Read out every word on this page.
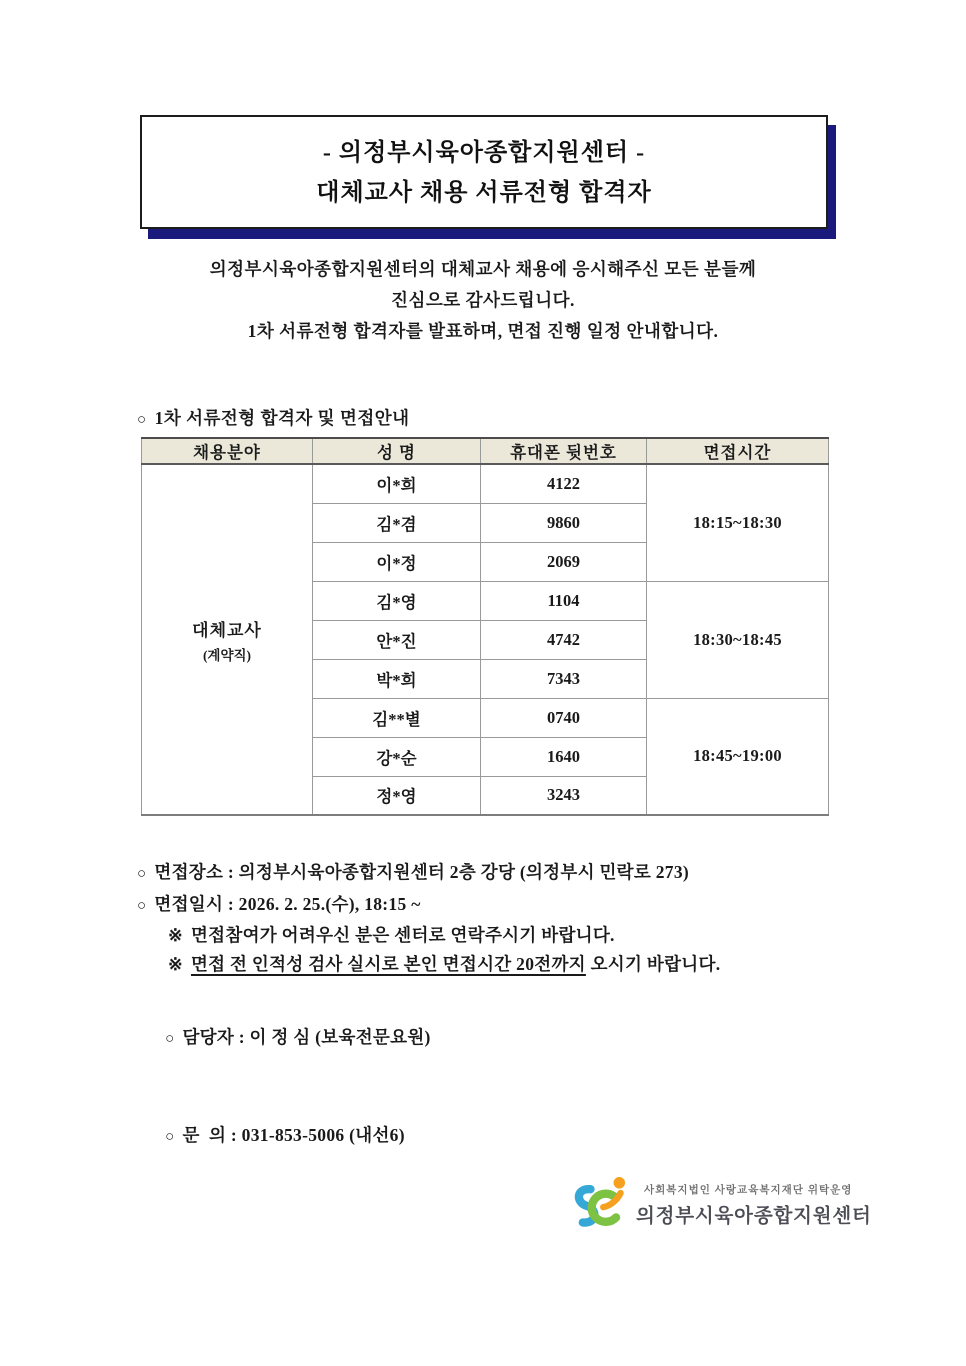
- 의정부시육아종합지원센터 -
대체교사 채용 서류전형 합격자
의정부시육아종합지원센터의 대체교사 채용에 응시해주신 모든 분들께
진심으로 감사드립니다.
1차 서류전형 합격자를 발표하며, 면접 진행 일정 안내합니다.
○ 1차 서류전형 합격자 및 면접안내
채용분야	성 명	휴대폰 뒷번호	면접시간

대체교사
(계약직)	이*희	4122	18:15~18:30
	김*겸	9860	
	이*정	2069	
	김*영	1104	18:30~18:45
	안*진	4742	
	박*희	7343	
	김**별	0740	18:45~19:00
	강*순	1640	
	정*영	3243	
○ 면접장소 : 의정부시육아종합지원센터 2층 강당 (의정부시 민락로 273)
○ 면접일시 : 2026. 2. 25.(수), 18:15 ~
※ 면접참여가 어려우신 분은 센터로 연락주시기 바랍니다.
※ 면접 전 인적성 검사 실시로 본인 면접시간 20전까지 오시기 바랍니다.

○ 담당자 : 이 정 심 (보육전문요원)

○ 문  의 : 031-853-5006 (내선6)

사회복지법인 사랑교육복지재단 위탁운영
의정부시육아종합지원센터
